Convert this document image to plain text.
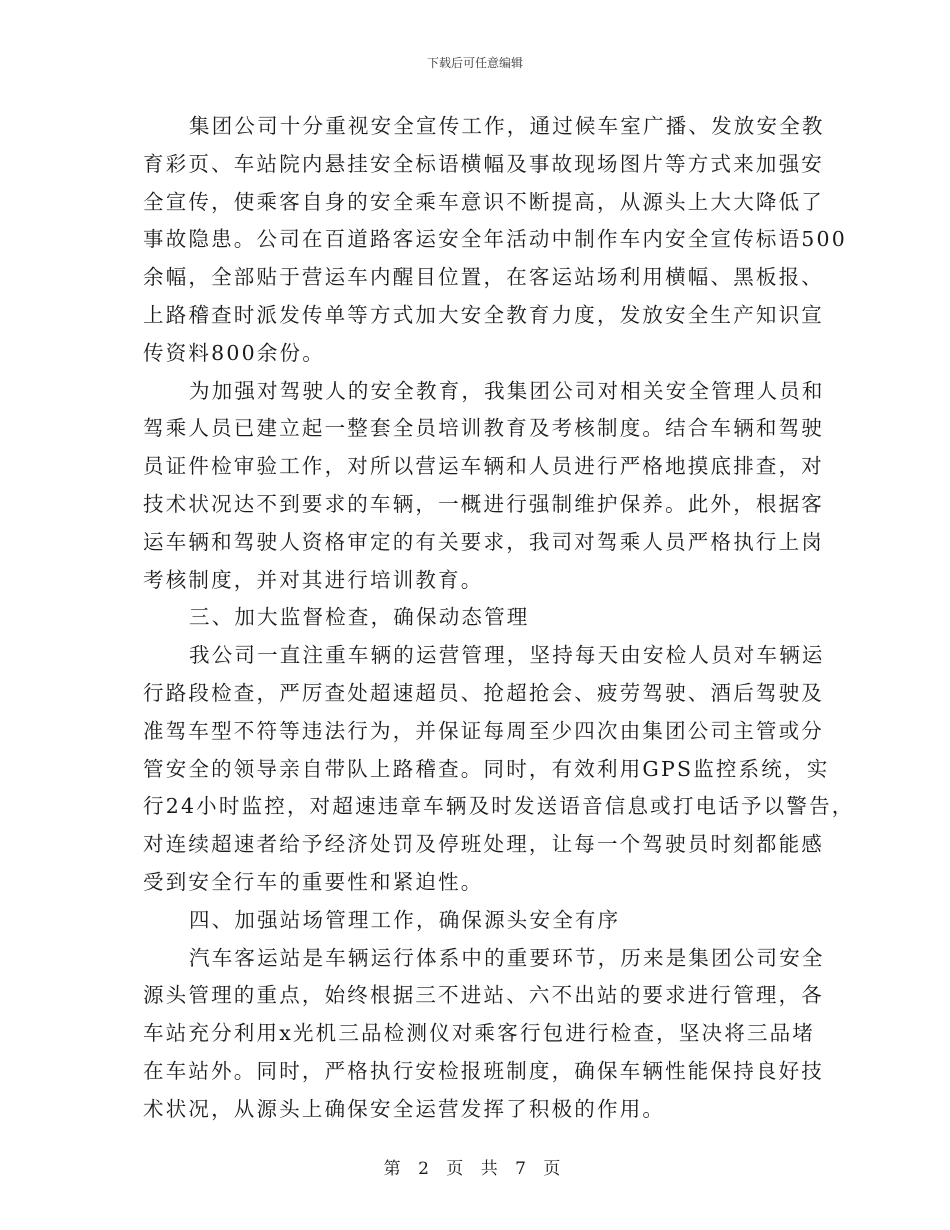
下载后可任意编辑

集团公司十分重视安全宣传工作，通过候车室广播、发放安全教
育彩页、车站院内悬挂安全标语横幅及事故现场图片等方式来加强安
全宣传，使乘客自身的安全乘车意识不断提高，从源头上大大降低了
事故隐患。公司在百道路客运安全年活动中制作车内安全宣传标语500
余幅，全部贴于营运车内醒目位置，在客运站场利用横幅、黑板报、
上路稽查时派发传单等方式加大安全教育力度，发放安全生产知识宣
传资料800余份。

为加强对驾驶人的安全教育，我集团公司对相关安全管理人员和
驾乘人员已建立起一整套全员培训教育及考核制度。结合车辆和驾驶
员证件检审验工作，对所以营运车辆和人员进行严格地摸底排查，对
技术状况达不到要求的车辆，一概进行强制维护保养。此外，根据客
运车辆和驾驶人资格审定的有关要求，我司对驾乘人员严格执行上岗
考核制度，并对其进行培训教育。

三、加大监督检查，确保动态管理

我公司一直注重车辆的运营管理，坚持每天由安检人员对车辆运
行路段检查，严厉查处超速超员、抢超抢会、疲劳驾驶、酒后驾驶及
准驾车型不符等违法行为，并保证每周至少四次由集团公司主管或分
管安全的领导亲自带队上路稽查。同时，有效利用GPS监控系统，实
行24小时监控，对超速违章车辆及时发送语音信息或打电话予以警告，
对连续超速者给予经济处罚及停班处理，让每一个驾驶员时刻都能感
受到安全行车的重要性和紧迫性。

四、加强站场管理工作，确保源头安全有序

汽车客运站是车辆运行体系中的重要环节，历来是集团公司安全
源头管理的重点，始终根据三不进站、六不出站的要求进行管理，各
车站充分利用x光机三品检测仪对乘客行包进行检查，坚决将三品堵
在车站外。同时，严格执行安检报班制度，确保车辆性能保持良好技
术状况，从源头上确保安全运营发挥了积极的作用。

第 2 页 共 7 页
